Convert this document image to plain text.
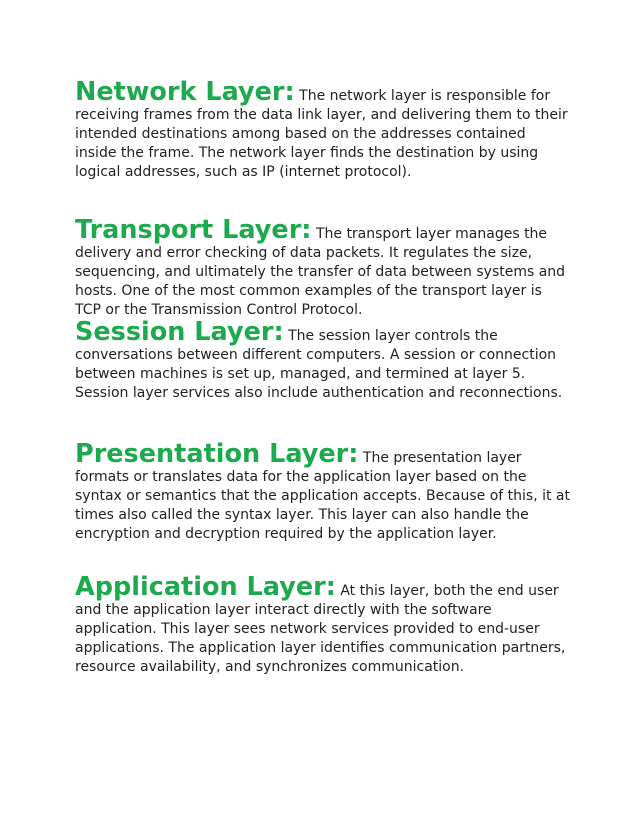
Network Layer: The network layer is responsible for receiving frames from the data link layer, and delivering them to their intended destinations among based on the addresses contained inside the frame. The network layer finds the destination by using logical addresses, such as IP (internet protocol).
Transport Layer: The transport layer manages the delivery and error checking of data packets. It regulates the size, sequencing, and ultimately the transfer of data between systems and hosts. One of the most common examples of the transport layer is TCP or the Transmission Control Protocol.
Session Layer: The session layer controls the conversations between different computers. A session or connection between machines is set up, managed, and termined at layer 5. Session layer services also include authentication and reconnections.
Presentation Layer: The presentation layer formats or translates data for the application layer based on the syntax or semantics that the application accepts. Because of this, it at times also called the syntax layer. This layer can also handle the encryption and decryption required by the application layer.
Application Layer: At this layer, both the end user and the application layer interact directly with the software application. This layer sees network services provided to end-user applications. The application layer identifies communication partners, resource availability, and synchronizes communication.
